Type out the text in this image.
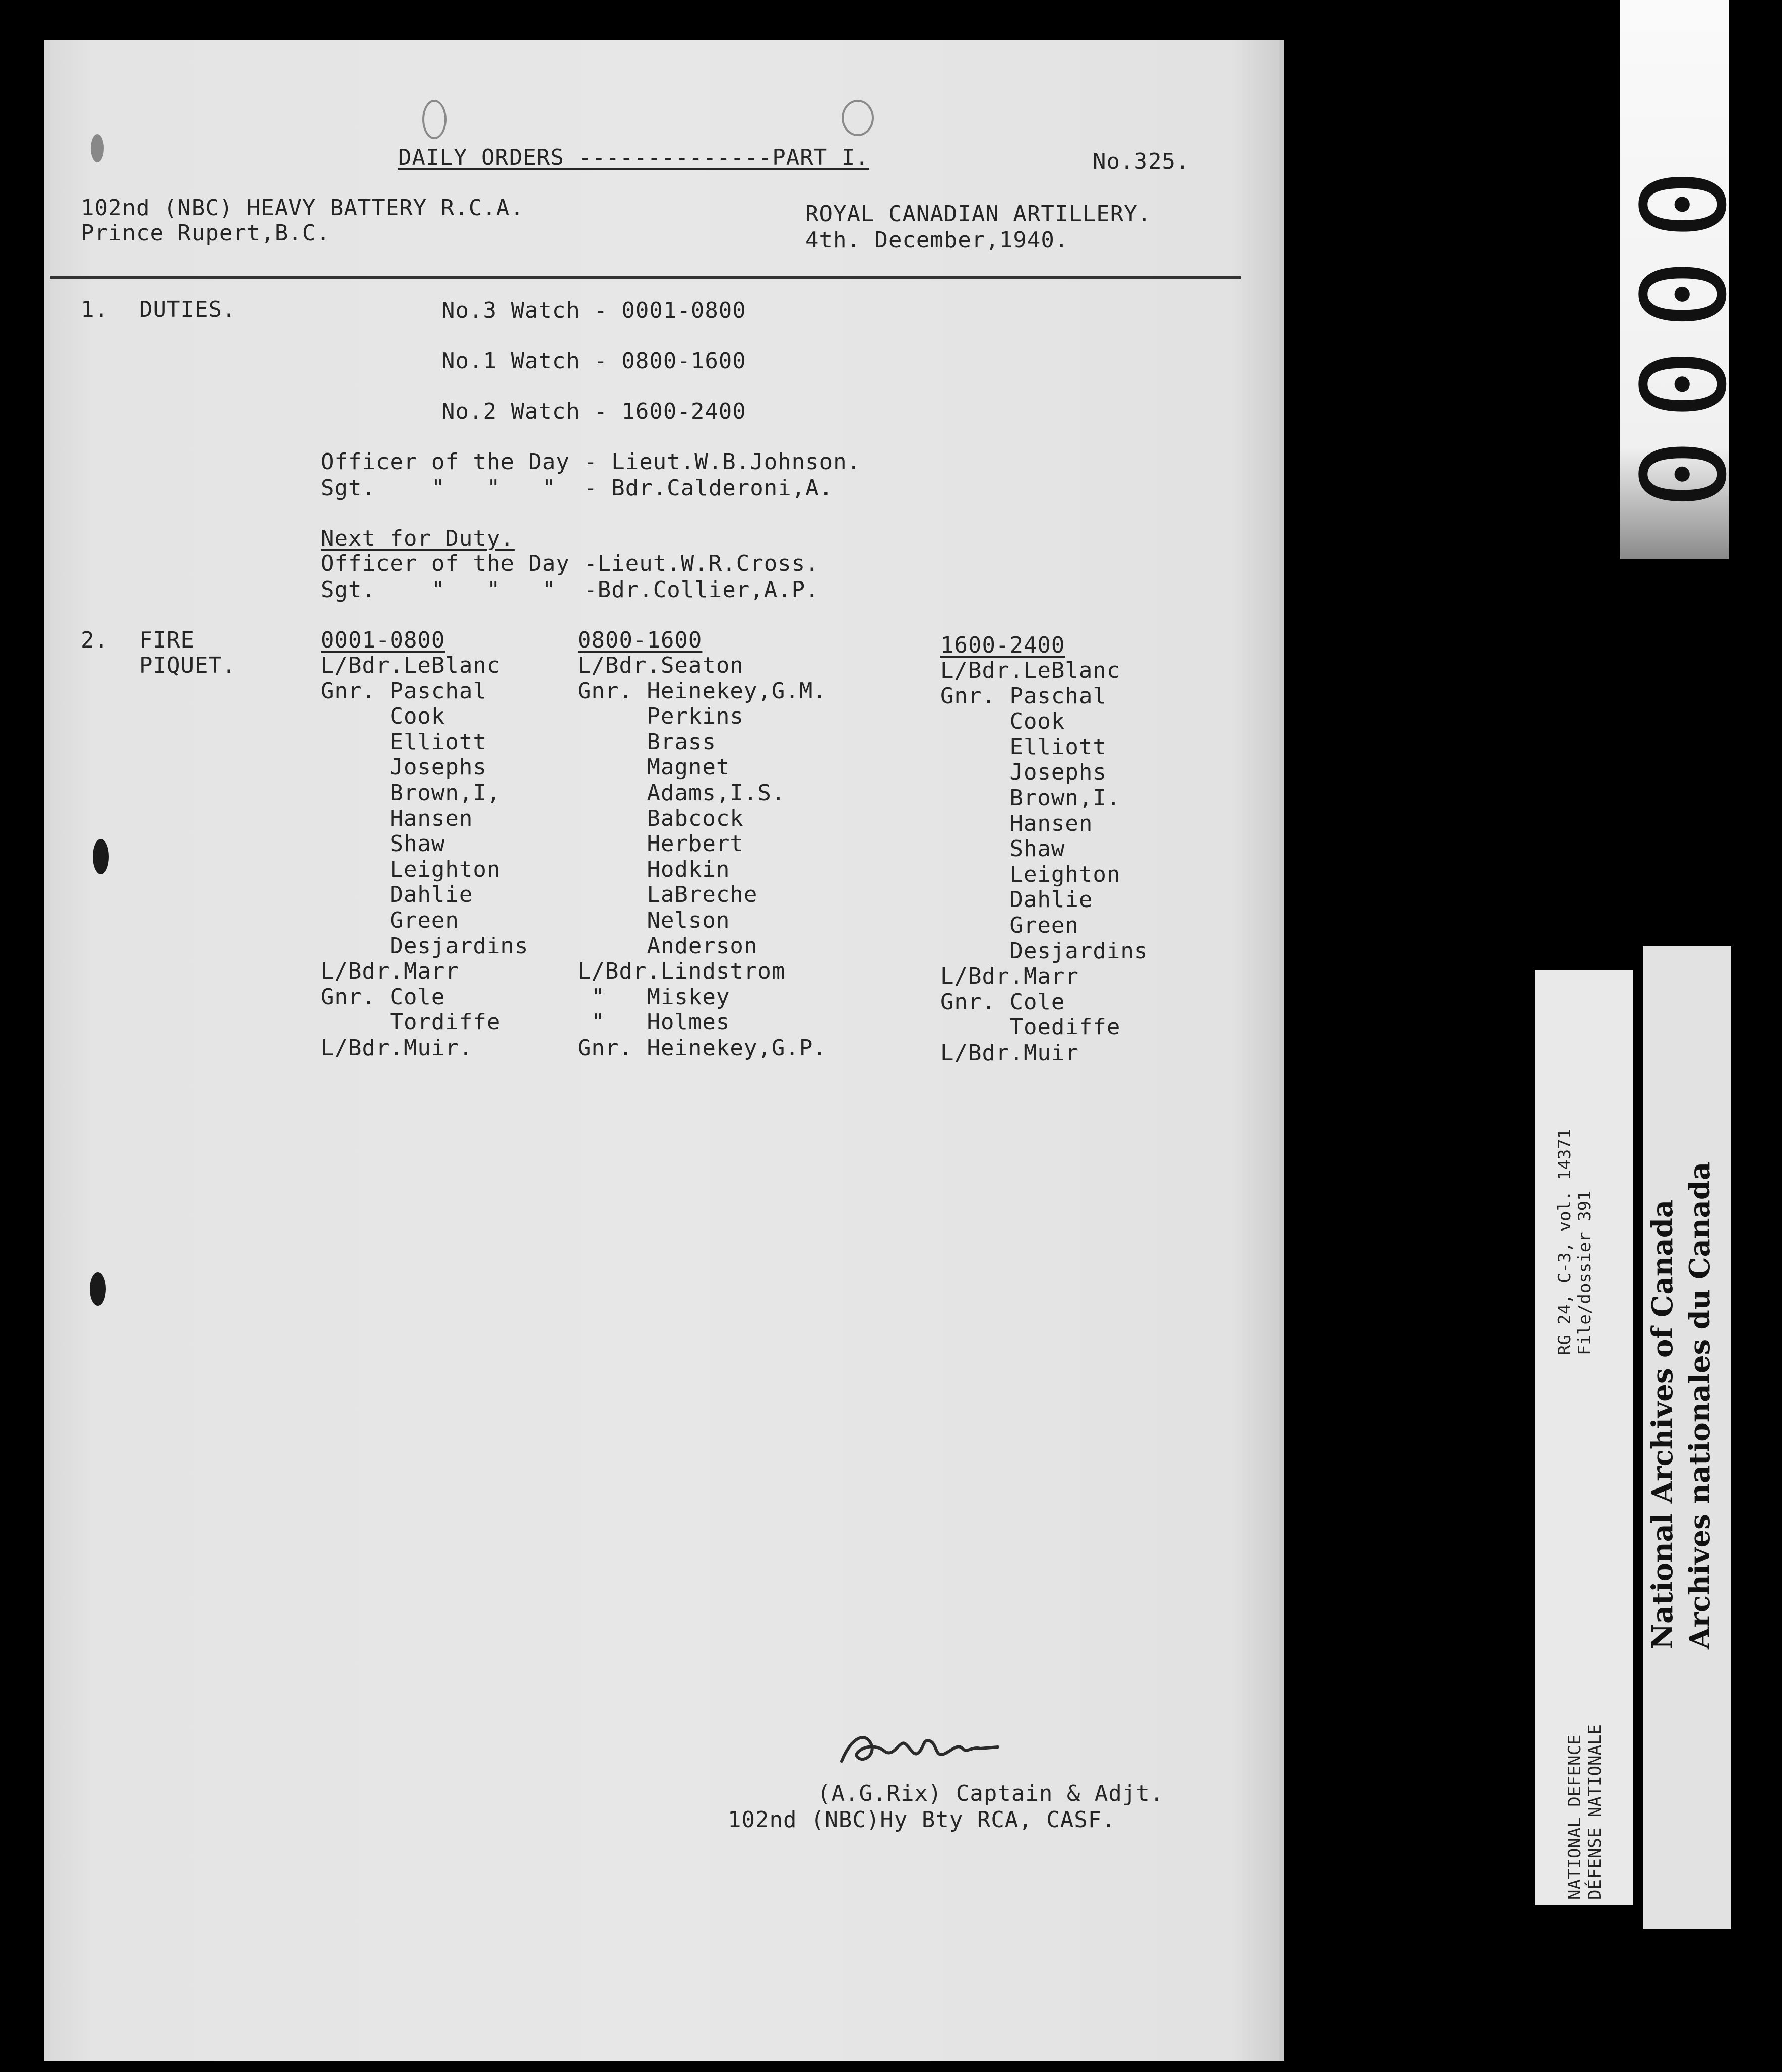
DAILY ORDERS --------------PART I.	No.325.
102nd (NBC) HEAVY BATTERY R.C.A.
Prince Rupert,B.C.
ROYAL CANADIAN ARTILLERY.
4th. December,1940.
1. DUTIES.	No.3 Watch - 0001-0800
No.1 Watch - 0800-1600
No.2 Watch - 1600-2400
Officer of the Day - Lieut.W.B.Johnson.
Sgt.    "   "   "  - Bdr.Calderoni,A.
Next for Duty.
Officer of the Day -Lieut.W.R.Cross.
Sgt.    "   "   "  -Bdr.Collier,A.P.
2. FIRE
PIQUET.
0001-0800
L/Bdr.LeBlanc
Gnr. Paschal
Cook
Elliott
Josephs
Brown,I,
Hansen
Shaw
Leighton
Dahlie
Green
Desjardins
L/Bdr.Marr
Gnr. Cole
Tordiffe
L/Bdr.Muir.
0800-1600
L/Bdr.Seaton
Gnr. Heinekey,G.M.
Perkins
Brass
Magnet
Adams,I.S.
Babcock
Herbert
Hodkin
LaBreche
Nelson
Anderson
L/Bdr.Lindstrom
"   Miskey
"   Holmes
Gnr. Heinekey,G.P.
1600-2400
L/Bdr.LeBlanc
Gnr. Paschal
Cook
Elliott
Josephs
Brown,I.
Hansen
Shaw
Leighton
Dahlie
Green
Desjardins
L/Bdr.Marr
Gnr. Cole
Toediffe
L/Bdr.Muir
(A.G.Rix) Captain & Adjt.
102nd (NBC)Hy Bty RCA, CASF.
0000
RG 24, C-3, vol. 14371 File/dossier 391
NATIONAL DEFENCE DÉFENSE NATIONALE
National Archives of Canada Archives nationales du Canada
